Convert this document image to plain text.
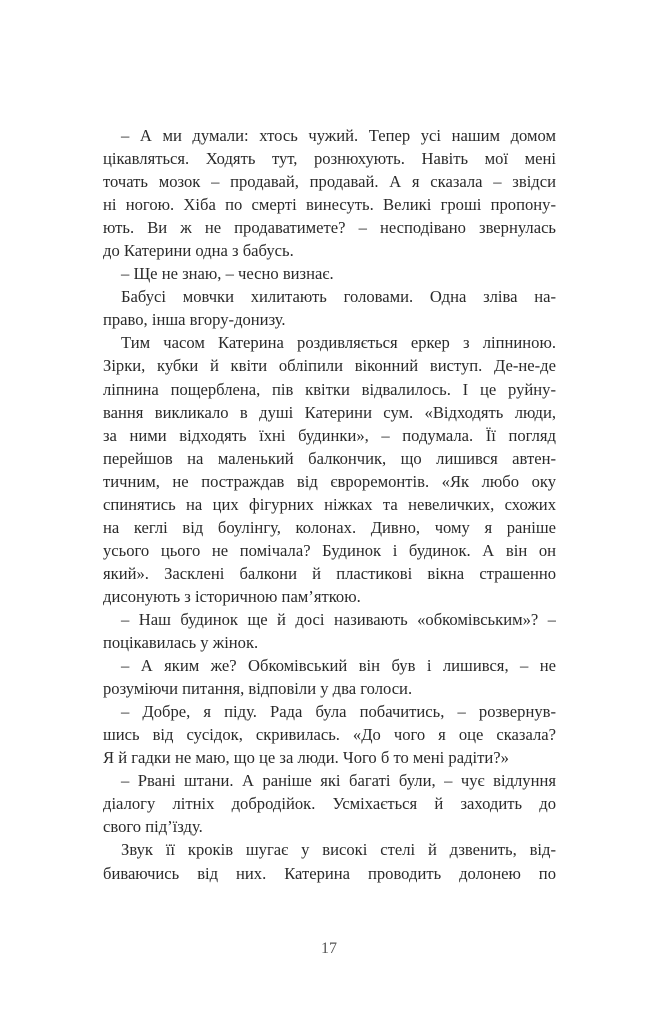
– А ми думали: хтось чужий. Тепер усі нашим домом
цікавляться. Ходять тут, рознюхують. Навіть мої мені
точать мозок – продавай, продавай. А я сказала – звідси
ні ногою. Хіба по смерті винесуть. Великі гроші пропону-
ють. Ви ж не продаватимете? – несподівано звернулась
до Катерини одна з бабусь.
– Ще не знаю, – чесно визнає.
Бабусі мовчки хилитають головами. Одна зліва на-
право, інша вгору-донизу.
Тим часом Катерина роздивляється еркер з ліпниною.
Зірки, кубки й квіти обліпили віконний виступ. Де-не-де
ліпнина пощерблена, пів квітки відвалилось. І це руйну-
вання викликало в душі Катерини сум. «Відходять люди,
за ними відходять їхні будинки», – подумала. Її погляд
перейшов на маленький балкончик, що лишився автен-
тичним, не постраждав від євроремонтів. «Як любо оку
спинятись на цих фігурних ніжках та невеличких, схожих
на кеглі від боулінгу, колонах. Дивно, чому я раніше
усього цього не помічала? Будинок і будинок. А він он
який». Засклені балкони й пластикові вікна страшенно
дисонують з історичною пам’яткою.
– Наш будинок ще й досі називають «обкомівським»? –
поцікавилась у жінок.
– А яким же? Обкомівський він був і лишився, – не
розуміючи питання, відповіли у два голоси.
– Добре, я піду. Рада була побачитись, – розвернув-
шись від сусідок, скривилась. «До чого я оце сказала?
Я й гадки не маю, що це за люди. Чого б то мені радіти?»
– Рвані штани. А раніше які багаті були, – чує відлуння
діалогу літніх добродійок. Усміхається й заходить до
свого під’їзду.
Звук її кроків шугає у високі стелі й дзвенить, від-
биваючись від них. Катерина проводить долонею по
17
